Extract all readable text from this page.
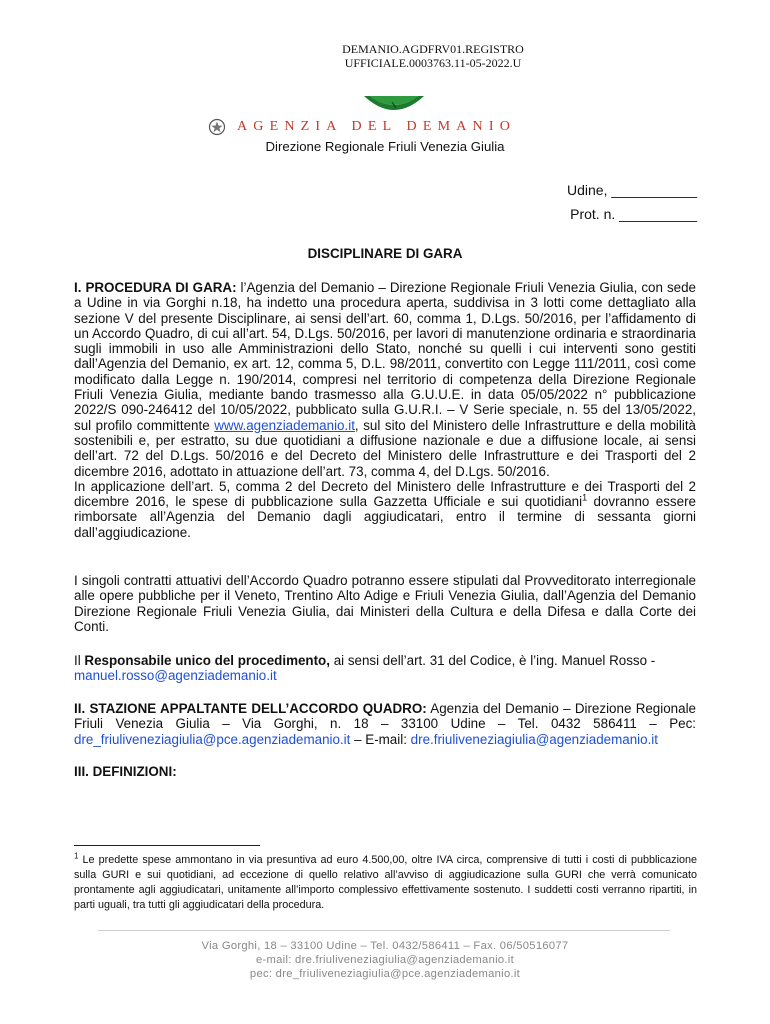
DEMANIO.AGDFRV01.REGISTRO
UFFICIALE.0003763.11-05-2022.U
AGENZIA DEL DEMANIO
Direzione Regionale Friuli Venezia Giulia
Udine, ___________
Prot. n. __________
DISCIPLINARE DI GARA
I. PROCEDURA DI GARA: l’Agenzia del Demanio – Direzione Regionale Friuli Venezia Giulia, con sede a Udine in via Gorghi n.18, ha indetto una procedura aperta, suddivisa in 3 lotti come dettagliato alla sezione V del presente Disciplinare, ai sensi dell’art. 60, comma 1, D.Lgs. 50/2016, per l’affidamento di un Accordo Quadro, di cui all’art. 54, D.Lgs. 50/2016, per lavori di manutenzione ordinaria e straordinaria sugli immobili in uso alle Amministrazioni dello Stato, nonché su quelli i cui interventi sono gestiti dall’Agenzia del Demanio, ex art. 12, comma 5, D.L. 98/2011, convertito con Legge 111/2011, così come modificato dalla Legge n. 190/2014, compresi nel territorio di competenza della Direzione Regionale Friuli Venezia Giulia, mediante bando trasmesso alla G.U.U.E. in data 05/05/2022 n° pubblicazione 2022/S 090-246412 del 10/05/2022, pubblicato sulla G.U.R.I. – V Serie speciale, n. 55 del 13/05/2022, sul profilo committente www.agenziademanio.it, sul sito del Ministero delle Infrastrutture e della mobilità sostenibili e, per estratto, su due quotidiani a diffusione nazionale e due a diffusione locale, ai sensi dell’art. 72 del D.Lgs. 50/2016 e del Decreto del Ministero delle Infrastrutture e dei Trasporti del 2 dicembre 2016, adottato in attuazione dell’art. 73, comma 4, del D.Lgs. 50/2016.
In applicazione dell’art. 5, comma 2 del Decreto del Ministero delle Infrastrutture e dei Trasporti del 2 dicembre 2016, le spese di pubblicazione sulla Gazzetta Ufficiale e sui quotidiani$^1$ dovranno essere rimborsate all’Agenzia del Demanio dagli aggiudicatari, entro il termine di sessanta giorni dall’aggiudicazione.
I singoli contratti attuativi dell’Accordo Quadro potranno essere stipulati dal Provveditorato interregionale alle opere pubbliche per il Veneto, Trentino Alto Adige e Friuli Venezia Giulia, dall’Agenzia del Demanio Direzione Regionale Friuli Venezia Giulia, dai Ministeri della Cultura e della Difesa e dalla Corte dei Conti.
Il Responsabile unico del procedimento, ai sensi dell’art. 31 del Codice, è l’ing. Manuel Rosso -
manuel.rosso@agenziademanio.it
II. STAZIONE APPALTANTE DELL’ACCORDO QUADRO: Agenzia del Demanio – Direzione Regionale Friuli Venezia Giulia – Via Gorghi, n. 18 – 33100 Udine – Tel. 0432 586411 – Pec: dre_friuliveneziagiulia@pce.agenziademanio.it – E-mail: dre.friuliveneziagiulia@agenziademanio.it
III. DEFINIZIONI:
$^1$ Le predette spese ammontano in via presuntiva ad euro 4.500,00, oltre IVA circa, comprensive di tutti i costi di pubblicazione sulla GURI e sui quotidiani, ad eccezione di quello relativo all’avviso di aggiudicazione sulla GURI che verrà comunicato prontamente agli aggiudicatari, unitamente all’importo complessivo effettivamente sostenuto. I suddetti costi verranno ripartiti, in parti uguali, tra tutti gli aggiudicatari della procedura.
Via Gorghi, 18 – 33100 Udine – Tel. 0432/586411 – Fax. 06/50516077
e-mail: dre.friuliveneziagiulia@agenziademanio.it
pec: dre_friuliveneziagiulia@pce.agenziademanio.it
